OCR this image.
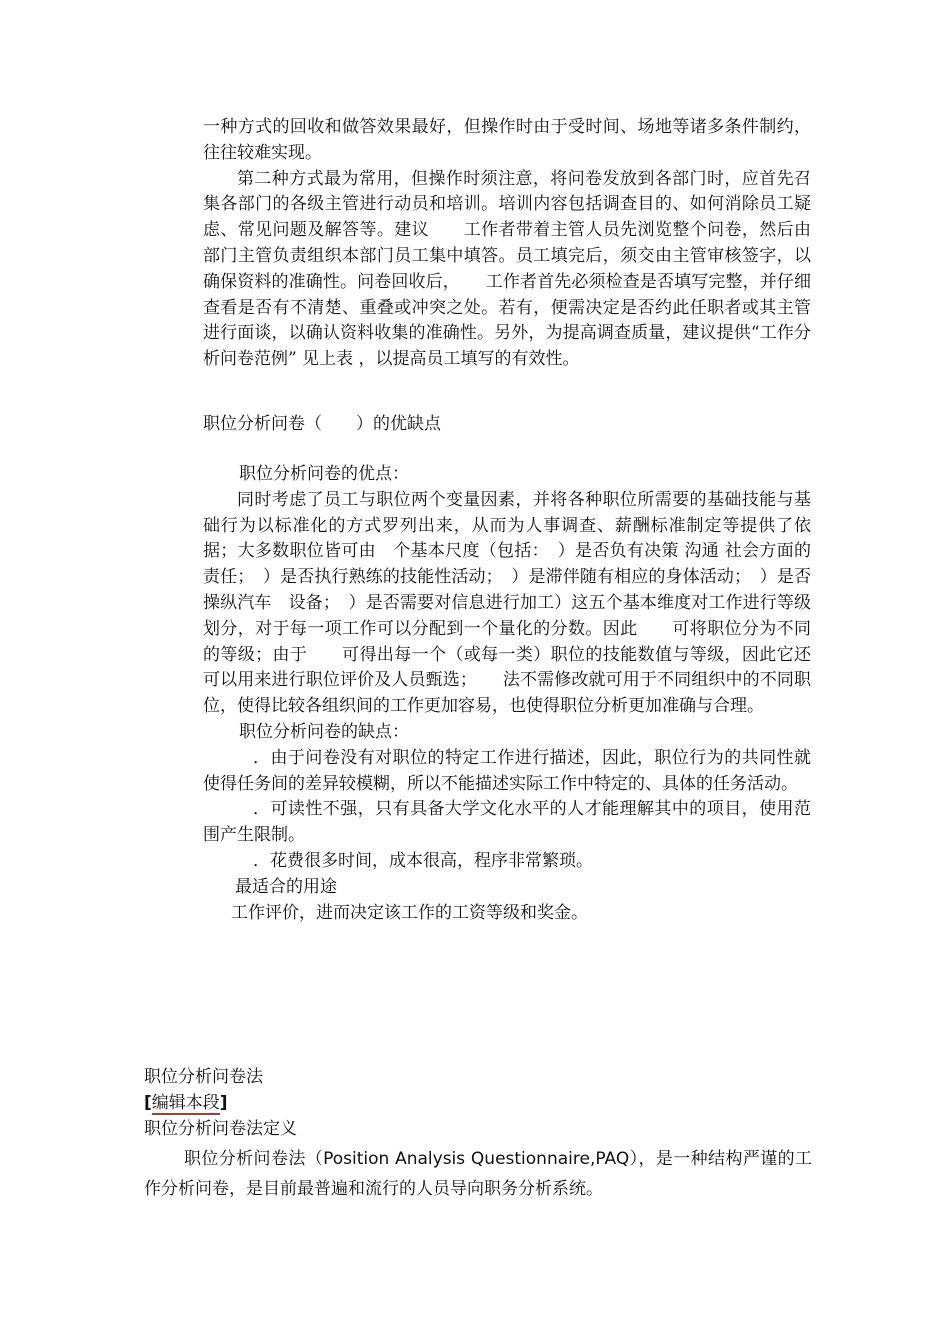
一种方式的回收和做答效果最好，但操作时由于受时间、场地等诸多条件制约，往往较难实现。

第二种方式最为常用，但操作时须注意，将问卷发放到各部门时，应首先召集各部门的各级主管进行动员和培训。培训内容包括调查目的、如何消除员工疑虑、常见问题及解答等。建议　　工作者带着主管人员先浏览整个问卷，然后由部门主管负责组织本部门员工集中填答。员工填完后，须交由主管审核签字，以确保资料的准确性。问卷回收后，　　工作者首先必须检查是否填写完整，并仔细查看是否有不清楚、重叠或冲突之处。若有，便需决定是否约此任职者或其主管进行面谈，以确认资料收集的准确性。另外，为提高调查质量，建议提供“工作分析问卷范例” 见上表 ，以提高员工填写的有效性。

职位分析问卷（　　）的优缺点

职位分析问卷的优点：

同时考虑了员工与职位两个变量因素，并将各种职位所需要的基础技能与基础行为以标准化的方式罗列出来，从而为人事调查、薪酬标准制定等提供了依据；大多数职位皆可由　个基本尺度（包括：　）是否负有决策 沟通 社会方面的责任；　）是否执行熟练的技能性活动；　）是滞伴随有相应的身体活动；　）是否操纵汽车　设备；　）是否需要对信息进行加工）这五个基本维度对工作进行等级划分，对于每一项工作可以分配到一个量化的分数。因此　　可将职位分为不同的等级；由于　　可得出每一个（或每一类）职位的技能数值与等级，因此它还可以用来进行职位评价及人员甄选；　　法不需修改就可用于不同组织中的不同职位，使得比较各组织间的工作更加容易，也使得职位分析更加准确与合理。

职位分析问卷的缺点：

．由于问卷没有对职位的特定工作进行描述，因此，职位行为的共同性就使得任务间的差异较模糊，所以不能描述实际工作中特定的、具体的任务活动。

．可读性不强，只有具备大学文化水平的人才能理解其中的项目，使用范围产生限制。

．花费很多时间，成本很高，程序非常繁琐。

最适合的用途

工作评价，进而决定该工作的工资等级和奖金。

职位分析问卷法

[编辑本段]

职位分析问卷法定义

职位分析问卷法（Position Analysis Questionnaire,PAQ），是一种结构严谨的工作分析问卷，是目前最普遍和流行的人员导向职务分析系统。
